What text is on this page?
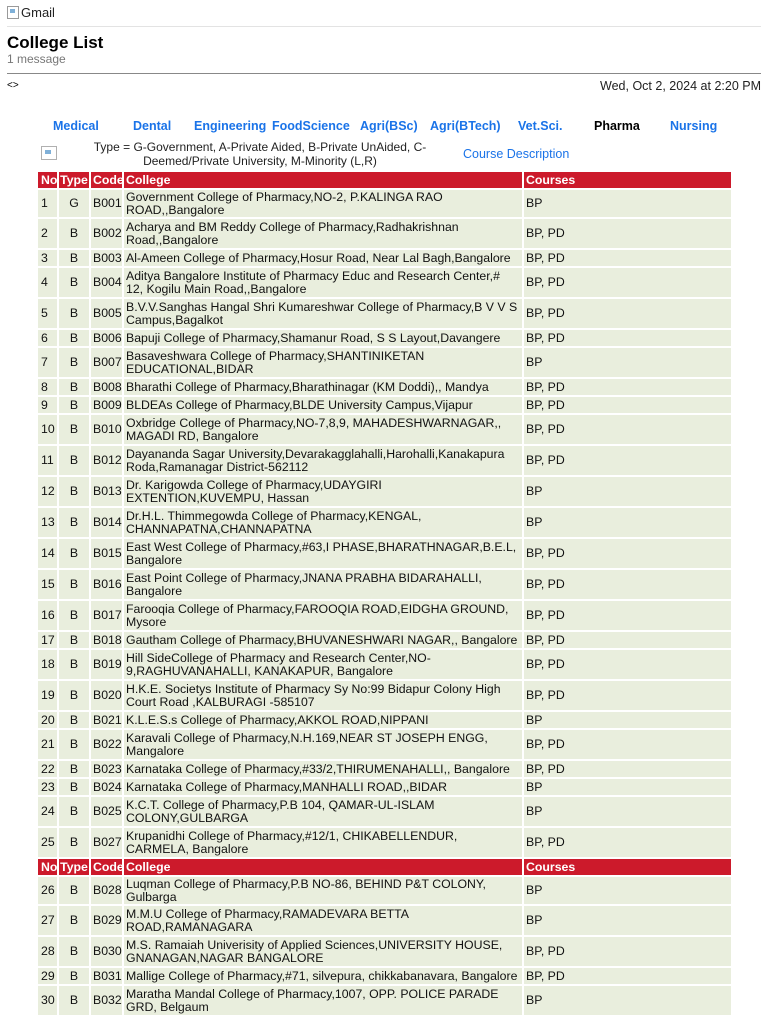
Gmail
College List
1 message
<>	Wed, Oct 2, 2024 at 2:20 PM
Medical	Dental Engineering FoodScience Agri(BSc) Agri(BTech) Vet.Sci.	Pharma Nursing
Type = G-Government, A-Private Aided, B-Private UnAided, C-Deemed/Private University, M-Minority (L,R)	Course Description
No Type Code College	Courses
1	G	B001 Government College of Pharmacy,NO-2, P.KALINGA RAO ROAD,,Bangalore	BP
2	B	B002 Acharya and BM Reddy College of Pharmacy,Radhakrishnan Road,,Bangalore	BP, PD
3	B	B003 Al-Ameen College of Pharmacy,Hosur Road, Near Lal Bagh,Bangalore	BP, PD
4	B	B004 Aditya Bangalore Institute of Pharmacy Educ and Research Center,# 12, Kogilu Main Road,,Bangalore	BP, PD
5	B	B005 B.V.V.Sanghas Hangal Shri Kumareshwar College of Pharmacy,B V V S Campus,Bagalkot	BP, PD
6	B	B006 Bapuji College of Pharmacy,Shamanur Road, S S Layout,Davangere	BP, PD
7	B	B007 Basaveshwara College of Pharmacy,SHANTINIKETAN EDUCATIONAL,BIDAR	BP
8	B	B008 Bharathi College of Pharmacy,Bharathinagar (KM Doddi),, Mandya	BP, PD
9	B	B009 BLDEAs College of Pharmacy,BLDE University Campus,Vijapur	BP, PD
10	B	B010 Oxbridge College of Pharmacy,NO-7,8,9, MAHADESHWARNAGAR,, MAGADI RD, Bangalore	BP, PD
11	B	B012 Dayananda Sagar University,Devarakagglahalli,Harohalli,Kanakapura Roda,Ramanagar District-562112	BP, PD
12	B	B013 Dr. Karigowda College of Pharmacy,UDAYGIRI EXTENTION,KUVEMPU, Hassan	BP
13	B	B014 Dr.H.L. Thimmegowda College of Pharmacy,KENGAL, CHANNAPATNA,CHANNAPATNA	BP
14	B	B015 East West College of Pharmacy,#63,I PHASE,BHARATHNAGAR,B.E.L, Bangalore	BP, PD
15	B	B016 East Point College of Pharmacy,JNANA PRABHA BIDARAHALLI, Bangalore	BP, PD
16	B	B017 Farooqia College of Pharmacy,FAROOQIA ROAD,EIDGHA GROUND, Mysore	BP, PD
17	B	B018 Gautham College of Pharmacy,BHUVANESHWARI NAGAR,, Bangalore BP, PD
18	B	B019 Hill SideCollege of Pharmacy and Research Center,NO-9,RAGHUVANAHALLI, KANAKAPUR, Bangalore	BP, PD
19	B	B020 H.K.E. Societys Institute of Pharmacy Sy No:99 Bidapur Colony High Court Road ,KALBURAGI -585107	BP, PD
20	B	B021 K.L.E.S.s College of Pharmacy,AKKOL ROAD,NIPPANI	BP
21	B	B022 Karavali College of Pharmacy,N.H.169,NEAR ST JOSEPH ENGG, Mangalore	BP, PD
22	B	B023 Karnataka College of Pharmacy,#33/2,THIRUMENAHALLI,, Bangalore	BP, PD
23	B	B024 Karnataka College of Pharmacy,MANHALLI ROAD,,BIDAR	BP
24	B	B025 K.C.T. College of Pharmacy,P.B 104, QAMAR-UL-ISLAM COLONY,GULBARGA	BP
25	B	B027 Krupanidhi College of Pharmacy,#12/1, CHIKABELLENDUR, CARMELA, Bangalore	BP, PD
No Type Code College	Courses
26	B	B028 Luqman College of Pharmacy,P.B NO-86, BEHIND P&T COLONY, Gulbarga	BP
27	B	B029 M.M.U College of Pharmacy,RAMADEVARA BETTA ROAD,RAMANAGARA	BP
28	B	B030 M.S. Ramaiah Univerisity of Applied Sciences,UNIVERSITY HOUSE, GNANAGAN,NAGAR BANGALORE	BP, PD
29	B	B031 Mallige College of Pharmacy,#71, silvepura, chikkabanavara, Bangalore BP, PD
30	B	B032 Maratha Mandal College of Pharmacy,1007, OPP. POLICE PARADE GRD, Belgaum	BP
